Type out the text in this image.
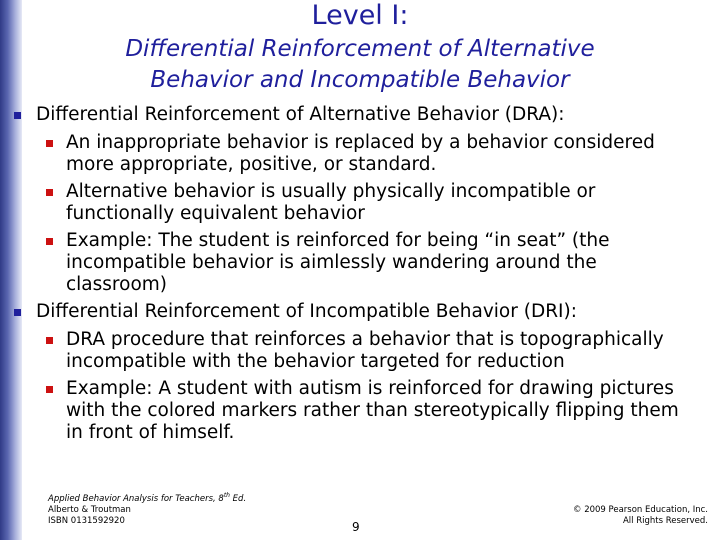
Level I:
Differential Reinforcement of Alternative
Behavior and Incompatible Behavior
Differential Reinforcement of Alternative Behavior (DRA):
An inappropriate behavior is replaced by a behavior considered
more appropriate, positive, or standard.
Alternative behavior is usually physically incompatible or
functionally equivalent behavior
Example: The student is reinforced for being “in seat” (the
incompatible behavior is aimlessly wandering around the
classroom)
Differential Reinforcement of Incompatible Behavior (DRI):
DRA procedure that reinforces a behavior that is topographically
incompatible with the behavior targeted for reduction
Example: A student with autism is reinforced for drawing pictures
with the colored markers rather than stereotypically flipping them
in front of himself.
Applied Behavior Analysis for Teachers, 8th Ed.
Alberto & Troutman
ISBN 0131592920
© 2009 Pearson Education, Inc.
All Rights Reserved.
9
